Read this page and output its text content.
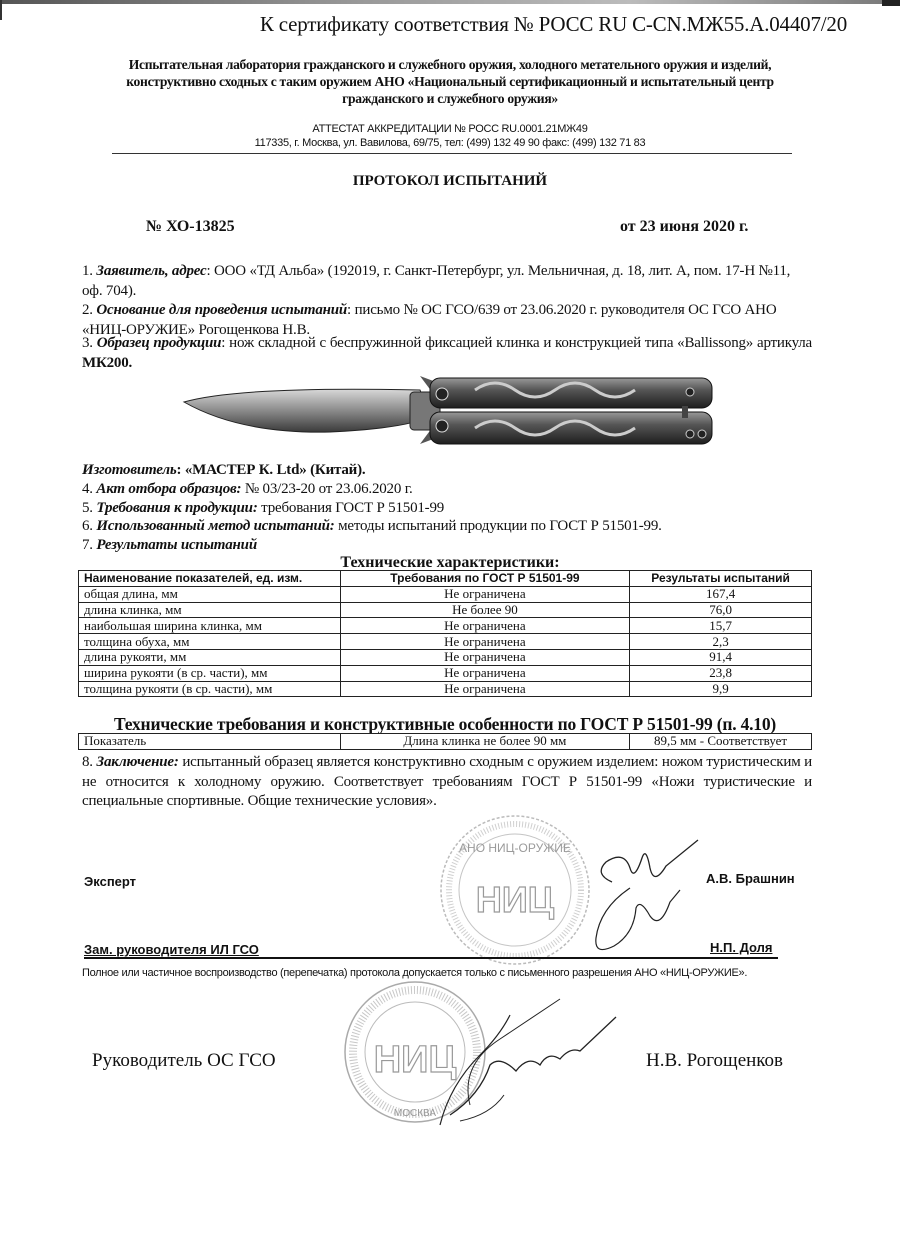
К сертификату соответствия № РОСС RU C-CN.МЖ55.А.04407/20
Испытательная лаборатория гражданского и служебного оружия, холодного метательного оружия и изделий, конструктивно сходных с таким оружием АНО «Национальный сертификационный и испытательный центр гражданского и служебного оружия»
АТТЕСТАТ АККРЕДИТАЦИИ № РОСС RU.0001.21МЖ49
117335, г. Москва, ул. Вавилова, 69/75, тел: (499) 132 49 90 факс: (499) 132 71 83
ПРОТОКОЛ ИСПЫТАНИЙ
№ ХО-13825	от 23 июня 2020 г.
1. Заявитель, адрес: ООО «ТД Альба» (192019, г. Санкт-Петербург, ул. Мельничная, д. 18, лит. А, пом. 17-Н №11, оф. 704).
2. Основание для проведения испытаний: письмо № ОС ГСО/639 от 23.06.2020 г. руководителя ОС ГСО АНО «НИЦ-ОРУЖИЕ» Рогощенкова Н.В.
3. Образец продукции: нож складной с беспружинной фиксацией клинка и конструкцией типа «Ballissong» артикула МК200.
Изготовитель: «МАСТЕР К. Ltd» (Китай).
4. Акт отбора образцов: № 03/23-20 от 23.06.2020 г.
5. Требования к продукции: требования ГОСТ Р 51501-99
6. Использованный метод испытаний: методы испытаний продукции по ГОСТ Р 51501-99.
7. Результаты испытаний
Технические характеристики:
Наименование показателей, ед. изм.	Требования по ГОСТ Р 51501-99	Результаты испытаний
общая длина, мм	Не ограничена	167,4
длина клинка, мм	Не более 90	76,0
наибольшая ширина клинка, мм	Не ограничена	15,7
толщина обуха, мм	Не ограничена	2,3
длина рукояти, мм	Не ограничена	91,4
ширина рукояти (в ср. части), мм	Не ограничена	23,8
толщина рукояти (в ср. части), мм	Не ограничена	9,9
Технические требования и конструктивные особенности по ГОСТ Р 51501-99 (п. 4.10)
Показатель	Длина клинка не более 90 мм	89,5 мм - Соответствует
8. Заключение: испытанный образец является конструктивно сходным с оружием изделием: ножом туристическим и не относится к холодному оружию. Соответствует требованиям ГОСТ Р 51501-99 «Ножи туристические и специальные спортивные. Общие технические условия».
АНО НИЦ-ОРУЖИЕ
НИЦ
Эксперт	А.В. Брашнин
Зам. руководителя ИЛ ГСО	Н.П. Доля
Полное или частичное воспроизводство (перепечатка) протокола допускается только с письменного разрешения АНО «НИЦ-ОРУЖИЕ».
НИЦ
МОСКВА
Руководитель ОС ГСО	Н.В. Рогощенков
